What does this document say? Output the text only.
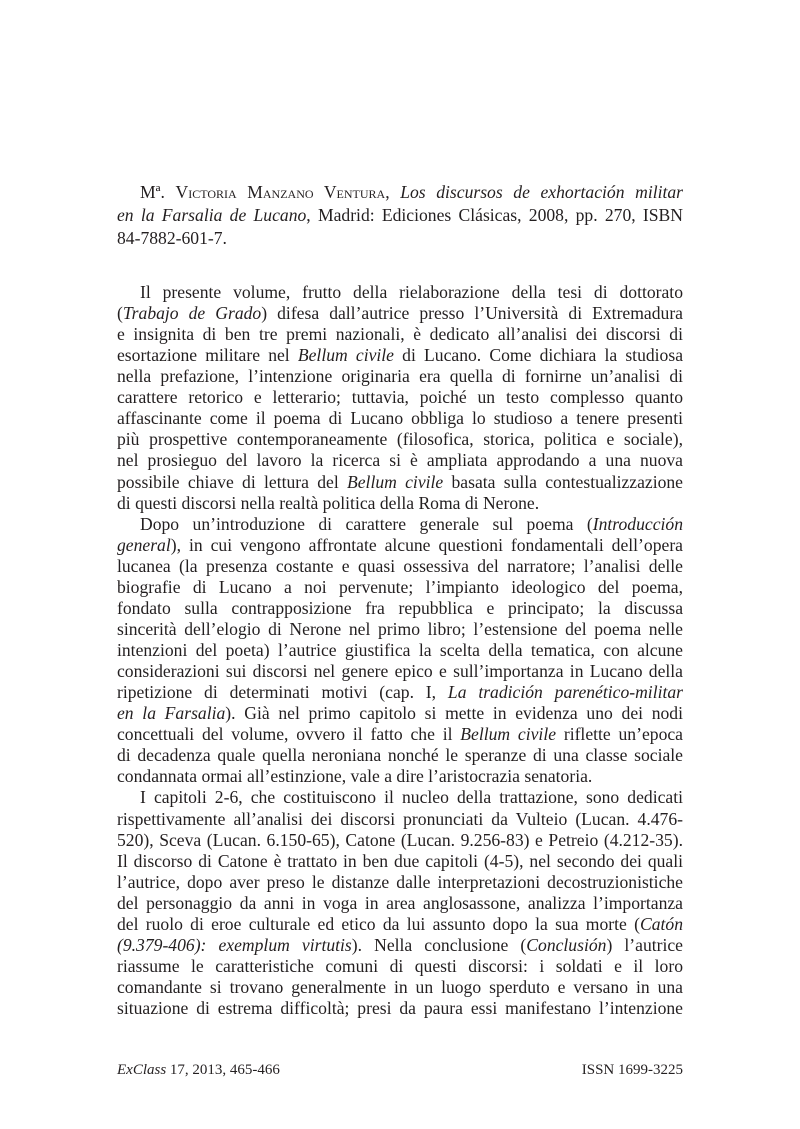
Mª. Victoria Manzano Ventura, Los discursos de exhortación militar
en la Farsalia de Lucano, Madrid: Ediciones Clásicas, 2008, pp. 270, ISBN
84-7882-601-7.
Il presente volume, frutto della rielaborazione della tesi di dottorato
(Trabajo de Grado) difesa dall’autrice presso l’Università di Extremadura
e insignita di ben tre premi nazionali, è dedicato all’analisi dei discorsi di
esortazione militare nel Bellum civile di Lucano. Come dichiara la studiosa
nella prefazione, l’intenzione originaria era quella di fornirne un’analisi di
carattere retorico e letterario; tuttavia, poiché un testo complesso quanto
affascinante come il poema di Lucano obbliga lo studioso a tenere presenti
più prospettive contemporaneamente (filosofica, storica, politica e sociale),
nel prosieguo del lavoro la ricerca si è ampliata approdando a una nuova
possibile chiave di lettura del Bellum civile basata sulla contestualizzazione
di questi discorsi nella realtà politica della Roma di Nerone.
Dopo un’introduzione di carattere generale sul poema (Introducción
general), in cui vengono affrontate alcune questioni fondamentali dell’opera
lucanea (la presenza costante e quasi ossessiva del narratore; l’analisi delle
biografie di Lucano a noi pervenute; l’impianto ideologico del poema,
fondato sulla contrapposizione fra repubblica e principato; la discussa
sincerità dell’elogio di Nerone nel primo libro; l’estensione del poema nelle
intenzioni del poeta) l’autrice giustifica la scelta della tematica, con alcune
considerazioni sui discorsi nel genere epico e sull’importanza in Lucano della
ripetizione di determinati motivi (cap. I, La tradición parenético-militar
en la Farsalia). Già nel primo capitolo si mette in evidenza uno dei nodi
concettuali del volume, ovvero il fatto che il Bellum civile riflette un’epoca
di decadenza quale quella neroniana nonché le speranze di una classe sociale
condannata ormai all’estinzione, vale a dire l’aristocrazia senatoria.
I capitoli 2-6, che costituiscono il nucleo della trattazione, sono dedicati
rispettivamente all’analisi dei discorsi pronunciati da Vulteio (Lucan. 4.476-
520), Sceva (Lucan. 6.150-65), Catone (Lucan. 9.256-83) e Petreio (4.212-35).
Il discorso di Catone è trattato in ben due capitoli (4-5), nel secondo dei quali
l’autrice, dopo aver preso le distanze dalle interpretazioni decostruzionistiche
del personaggio da anni in voga in area anglosassone, analizza l’importanza
del ruolo di eroe culturale ed etico da lui assunto dopo la sua morte (Catón
(9.379-406): exemplum virtutis). Nella conclusione (Conclusión) l’autrice
riassume le caratteristiche comuni di questi discorsi: i soldati e il loro
comandante si trovano generalmente in un luogo sperduto e versano in una
situazione di estrema difficoltà; presi da paura essi manifestano l’intenzione
ExClass 17, 2013, 465-466	ISSN 1699-3225
